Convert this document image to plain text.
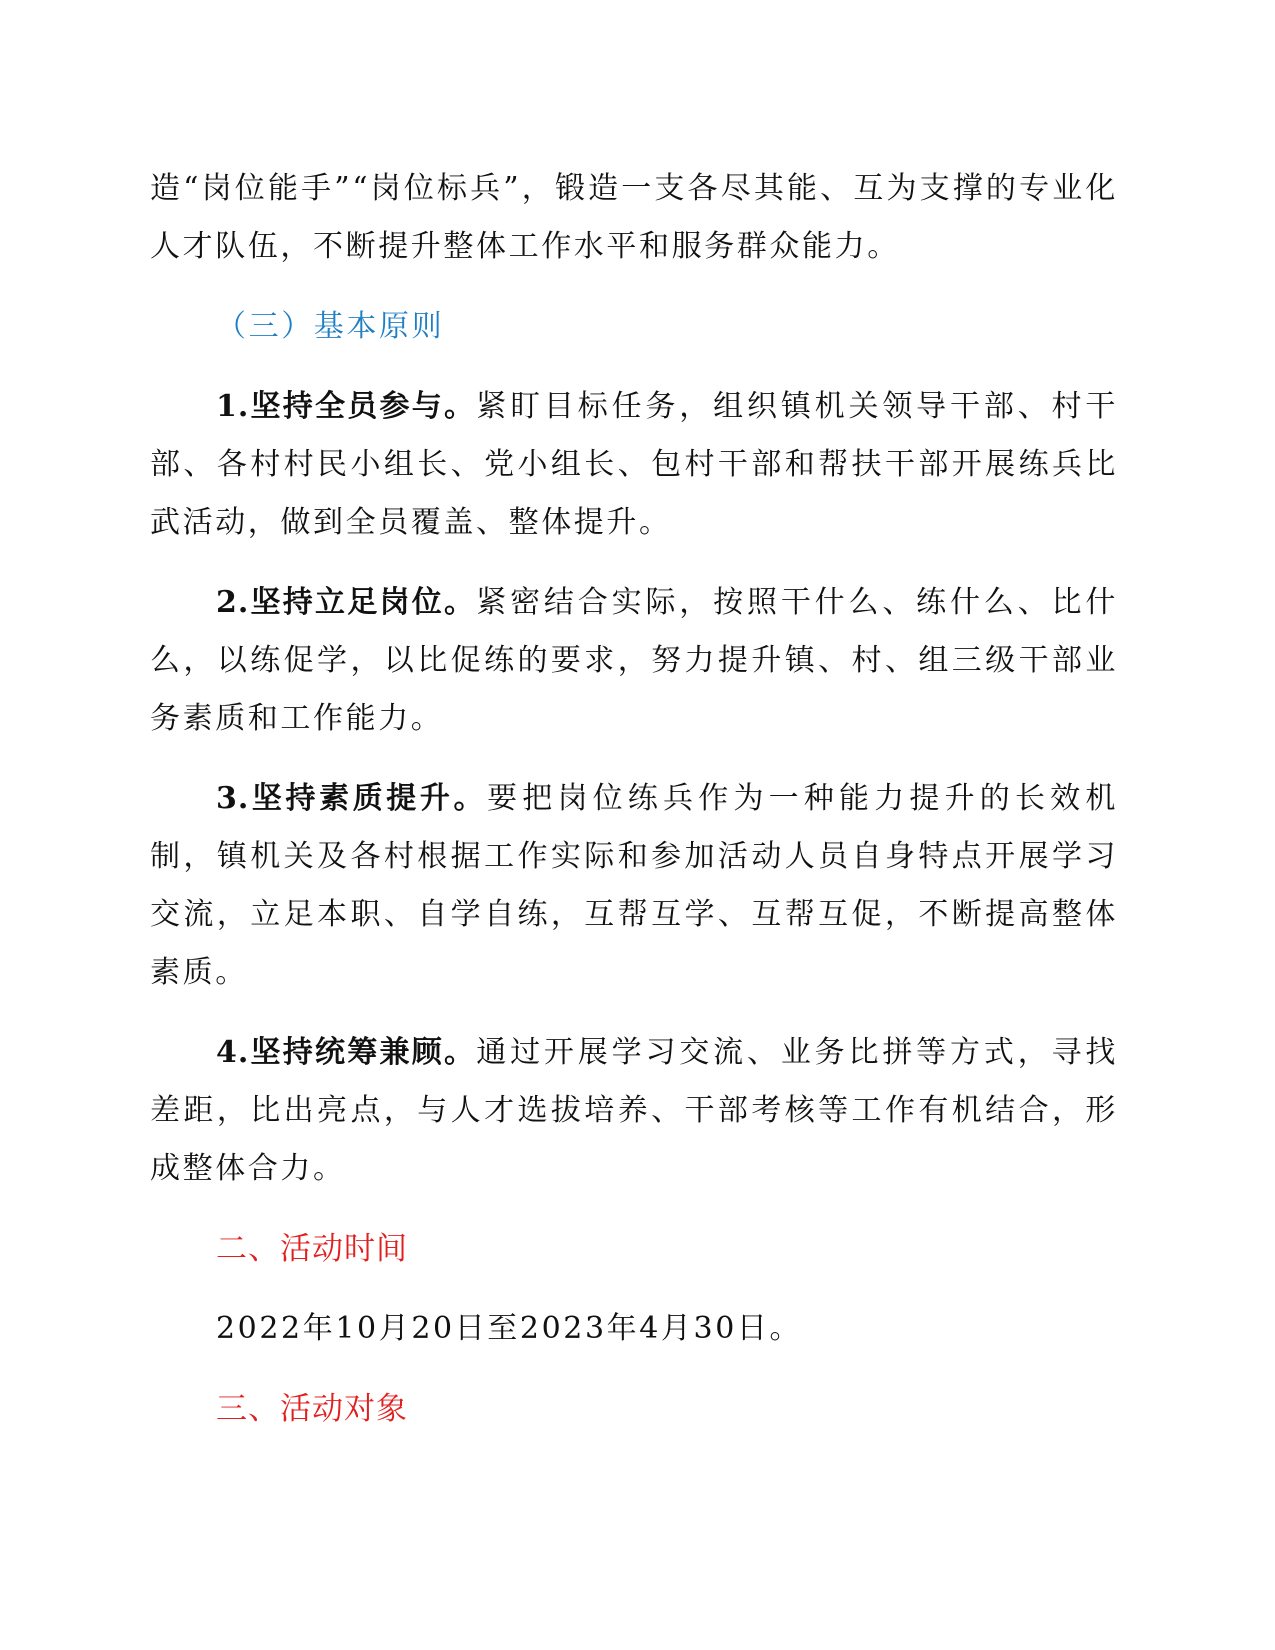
造“岗位能手”“岗位标兵”，锻造一支各尽其能、互为支撑的专业化人才队伍，不断提升整体工作水平和服务群众能力。

（三）基本原则

1.坚持全员参与。紧盯目标任务，组织镇机关领导干部、村干部、各村村民小组长、党小组长、包村干部和帮扶干部开展练兵比武活动，做到全员覆盖、整体提升。

2.坚持立足岗位。紧密结合实际，按照干什么、练什么、比什么，以练促学，以比促练的要求，努力提升镇、村、组三级干部业务素质和工作能力。

3.坚持素质提升。要把岗位练兵作为一种能力提升的长效机制，镇机关及各村根据工作实际和参加活动人员自身特点开展学习交流，立足本职、自学自练，互帮互学、互帮互促，不断提高整体素质。

4.坚持统筹兼顾。通过开展学习交流、业务比拼等方式，寻找差距，比出亮点，与人才选拔培养、干部考核等工作有机结合，形成整体合力。

二、活动时间

2022年10月20日至2023年4月30日。

三、活动对象
